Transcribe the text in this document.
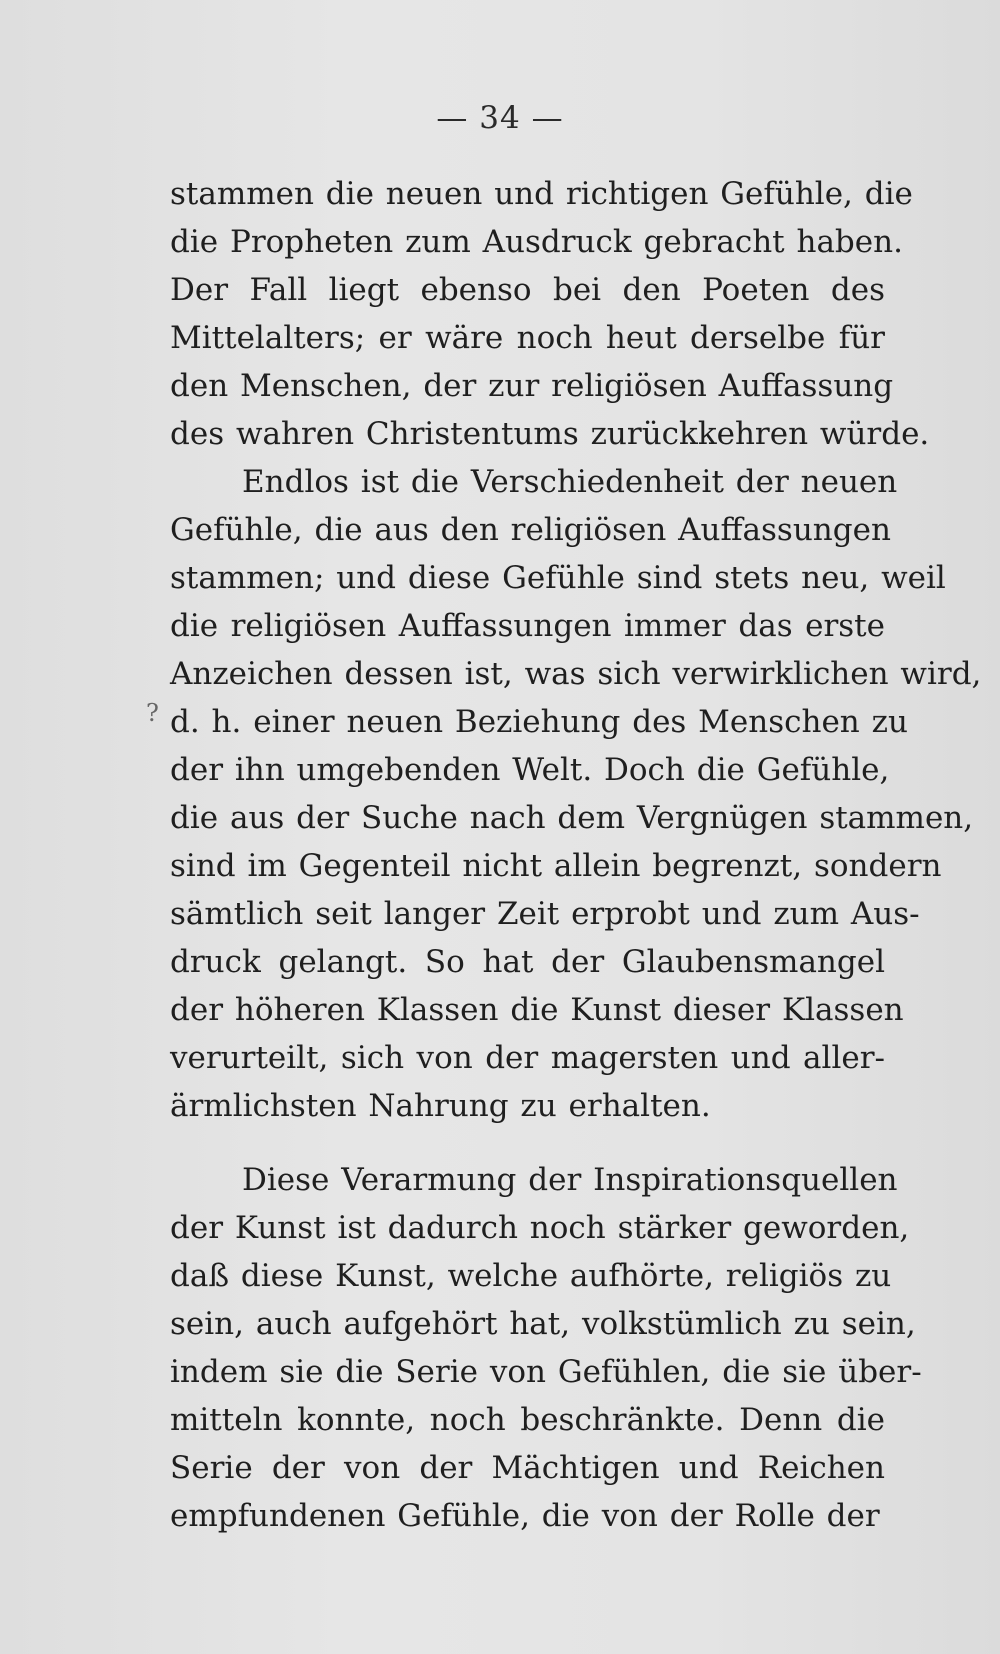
— 34 —
?
stammen die neuen und richtigen Gefühle, die
die Propheten zum Ausdruck gebracht haben.
Der Fall liegt ebenso bei den Poeten des
Mittelalters; er wäre noch heut derselbe für
den Menschen, der zur religiösen Auffassung
des wahren Christentums zurückkehren würde.
Endlos ist die Verschiedenheit der neuen
Gefühle, die aus den religiösen Auffassungen
stammen; und diese Gefühle sind stets neu, weil
die religiösen Auffassungen immer das erste
Anzeichen dessen ist, was sich verwirklichen wird,
d. h. einer neuen Beziehung des Menschen zu
der ihn umgebenden Welt. Doch die Gefühle,
die aus der Suche nach dem Vergnügen stammen,
sind im Gegenteil nicht allein begrenzt, sondern
sämtlich seit langer Zeit erprobt und zum Aus-
druck gelangt. So hat der Glaubensmangel
der höheren Klassen die Kunst dieser Klassen
verurteilt, sich von der magersten und aller-
ärmlichsten Nahrung zu erhalten.
Diese Verarmung der Inspirationsquellen
der Kunst ist dadurch noch stärker geworden,
daß diese Kunst, welche aufhörte, religiös zu
sein, auch aufgehört hat, volkstümlich zu sein,
indem sie die Serie von Gefühlen, die sie über-
mitteln konnte, noch beschränkte. Denn die
Serie der von der Mächtigen und Reichen
empfundenen Gefühle, die von der Rolle der
